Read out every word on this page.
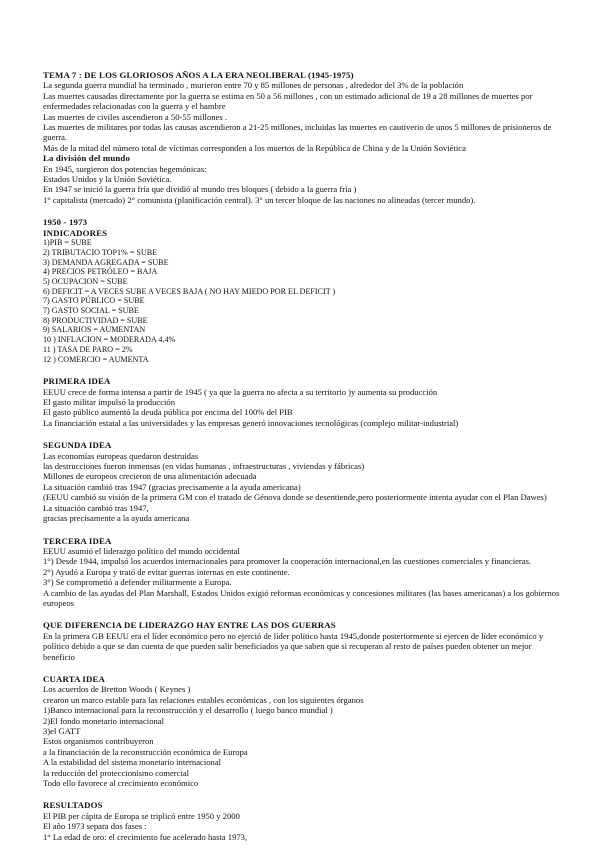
TEMA 7 : DE LOS GLORIOSOS AÑOS A LA ERA NEOLIBERAL (1945-1975)

La segunda guerra mundial ha terminado , murieron entre 70 y 85 millones de personas , alrededor del 3% de la población

Las muertes causadas directamente por la guerra se estima en 50 a 56 millones , con un estimado adicional de 19 a 28 millones de muertes por enfermedades relacionadas con la guerra y el hambre

Las muertes de civiles ascendieron a 50-55 millones .

Las muertes de militares por todas las causas ascendieron a 21-25 millones, incluidas las muertes en cautiverio de unos 5 millones de prisioneros de guerra.

Más de la mitad del número total de víctimas corresponden a los muertos de la República de China y de la Unión Soviética

La división del mundo

En 1945, surgieron dos potencias hegemónicas:

Estados Unidos y la Unión Soviética.

En 1947 se inició la guerra fría que dividió al mundo tres bloques ( debido a la guerra fría )

1° capitalista (mercado) 2° comunista (planificación central). 3° un tercer bloque de las naciones no alineadas (tercer mundo).

1950 - 1973

INDICADORES

1)PIB = SUBE

2) TRIBUTACIO TOP1% = SUBE

3) DEMANDA AGREGADA = SUBE

4) PRECIOS PETRÓLEO = BAJA

5) OCUPACION = SUBE

6) DEFICIT = A VECES SUBE A VECES BAJA ( NO HAY MIEDO POR EL DEFICIT )

7) GASTO PÚBLICO = SUBE

7) GASTO SOCIAL = SUBE

8) PRODUCTIVIDAD = SUBE

9) SALARIOS = AUMENTAN

10 ) INFLACION = MODERADA 4,4%

11 ) TASA DE PARO = 2%

12 ) COMERCIO = AUMENTA

PRIMERA IDEA

EEUU crece de forma intensa a partir de 1945 ( ya que la guerra no afecta a su territorio )y aumenta su producción

El gasto militar impulsó la producción

El gasto público aumentó la deuda pública por encima del 100% del PIB

La financiación estatal a las universidades y las empresas generó innovaciones tecnológicas (complejo militar-industrial)

SEGUNDA IDEA

Las economías europeas quedaron destruidas

las destrucciones fueron inmensas (en vidas humanas , infraestructuras , viviendas y fábricas)

Millones de europeos crecieron de una alimentación adecuada

La situación cambió tras 1947 (gracias precisamente a la ayuda americana)

(EEUU cambió su visión de la primera GM con el tratado de Génova donde se desentiende,pero posteriormente intenta ayudar con el Plan Dawes)

La situación cambió tras 1947,

gracias precisamente a la ayuda americana

TERCERA IDEA

EEUU asumió el liderazgo político del mundo occidental

1°) Desde 1944, impulsó los acuerdos internacionales para promover la cooperación internacional,en las cuestiones comerciales y financieras.

2°) Ayudó a Europa y trató de evitar guerras internas en este continente.

3°) Se comprometió a defender militarmente a Europa.

A cambio de las ayudas del Plan Marshall, Estados Unidos exigió reformas económicas y concesiones militares (las bases americanas) a los gobiernos europeos

QUE DIFERENCIA DE LIDERAZGO HAY ENTRE LAS DOS GUERRAS

En la primera GB EEUU era el líder económico pero no ejerció de líder político hasta 1945,donde posteriormente si ejercen de líder económico y político debido a que se dan cuenta de que pueden salir beneficiados ya que saben que si recuperan al resto de países pueden obtener un mejor beneficio

CUARTA IDEA

Los acuerdos de Bretton Woods ( Keynes )

crearon un marco estable para las relaciones estables económicas , con los siguientes órganos

1)Banco internacional para la reconstrucción y el desarrollo ( luego banco mundial )

2)El fondo monetario internacional

3)el GATT

Estos organismos contribuyeron

a la financiación de la reconstrucción económica de Europa

A la estabilidad del sistema monetario internacional

la reducción del proteccionismo comercial

Todo ello favorece al crecimiento económico

RESULTADOS

El PIB per cápita de Europa se triplicó entre 1950 y 2000

El año 1973 separa dos fases :

1° La edad de oro: el crecimiento fue acelerado hasta 1973,
